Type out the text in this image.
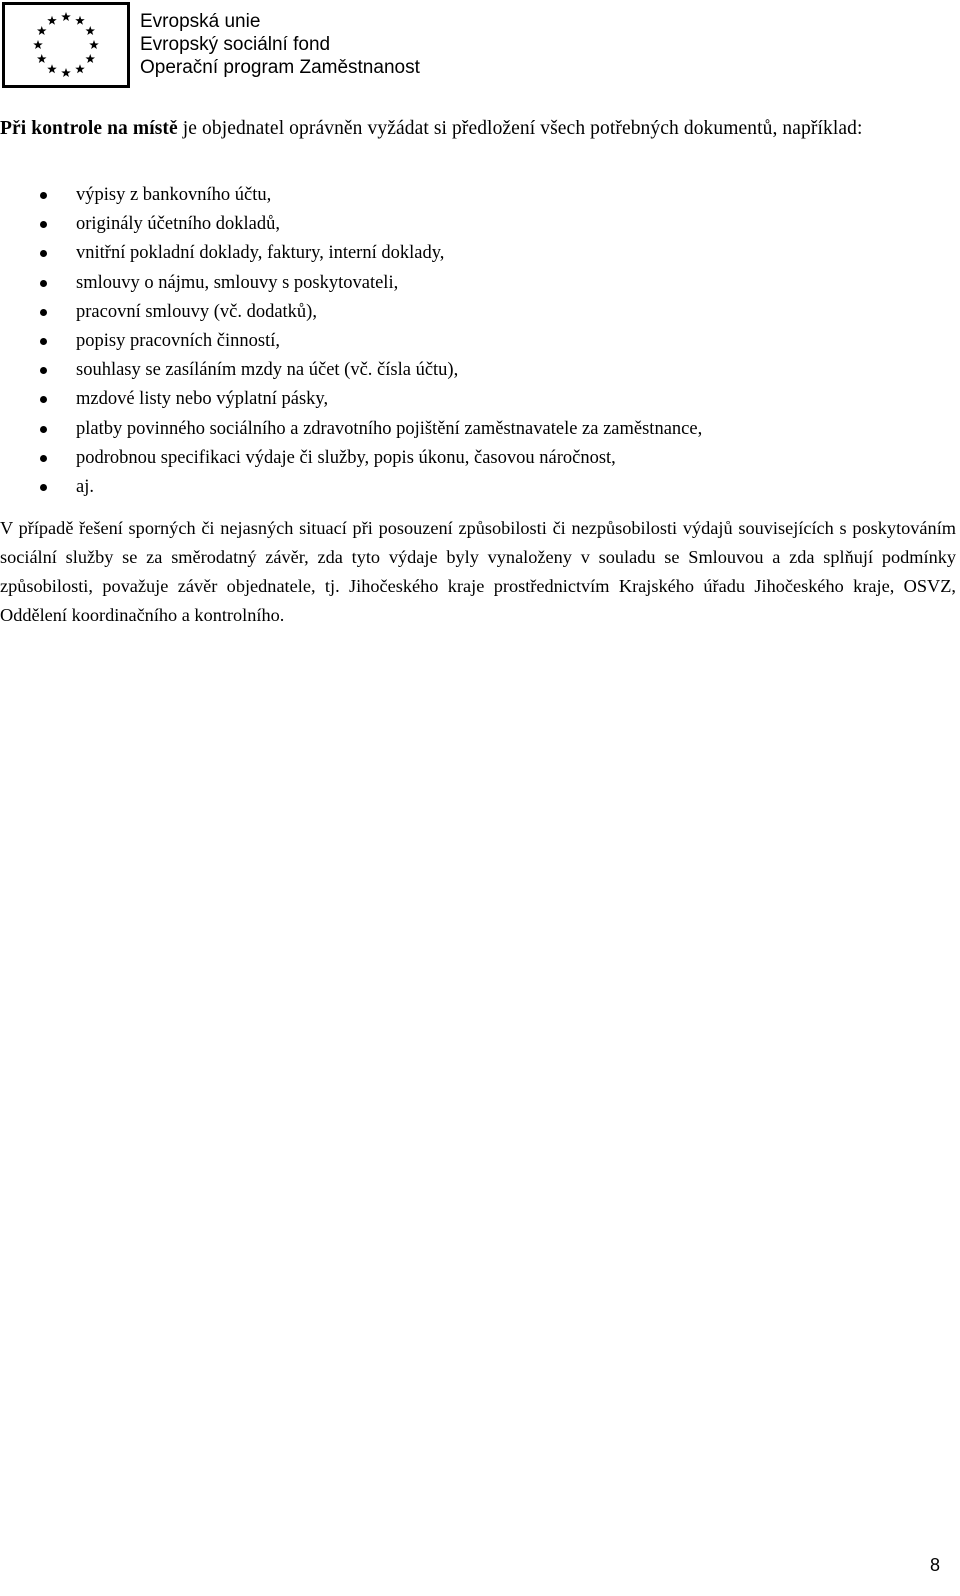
Evropská unie
Evropský sociální fond
Operační program Zaměstnanost

Při kontrole na místě je objednatel oprávněn vyžádat si předložení všech potřebných dokumentů, například:

výpisy z bankovního účtu,
originály účetního dokladů,
vnitřní pokladní doklady, faktury, interní doklady,
smlouvy o nájmu, smlouvy s poskytovateli,
pracovní smlouvy (vč. dodatků),
popisy pracovních činností,
souhlasy se zasíláním mzdy na účet (vč. čísla účtu),
mzdové listy nebo výplatní pásky,
platby povinného sociálního a zdravotního pojištění zaměstnavatele za zaměstnance,
podrobnou specifikaci výdaje či služby, popis úkonu, časovou náročnost,
aj.

V případě řešení sporných či nejasných situací při posouzení způsobilosti či nezpůsobilosti výdajů souvisejících s poskytováním sociální služby se za směrodatný závěr, zda tyto výdaje byly vynaloženy v souladu se Smlouvou a zda splňují podmínky způsobilosti, považuje závěr objednatele, tj. Jihočeského kraje prostřednictvím Krajského úřadu Jihočeského kraje, OSVZ, Oddělení koordinačního a kontrolního.

8
